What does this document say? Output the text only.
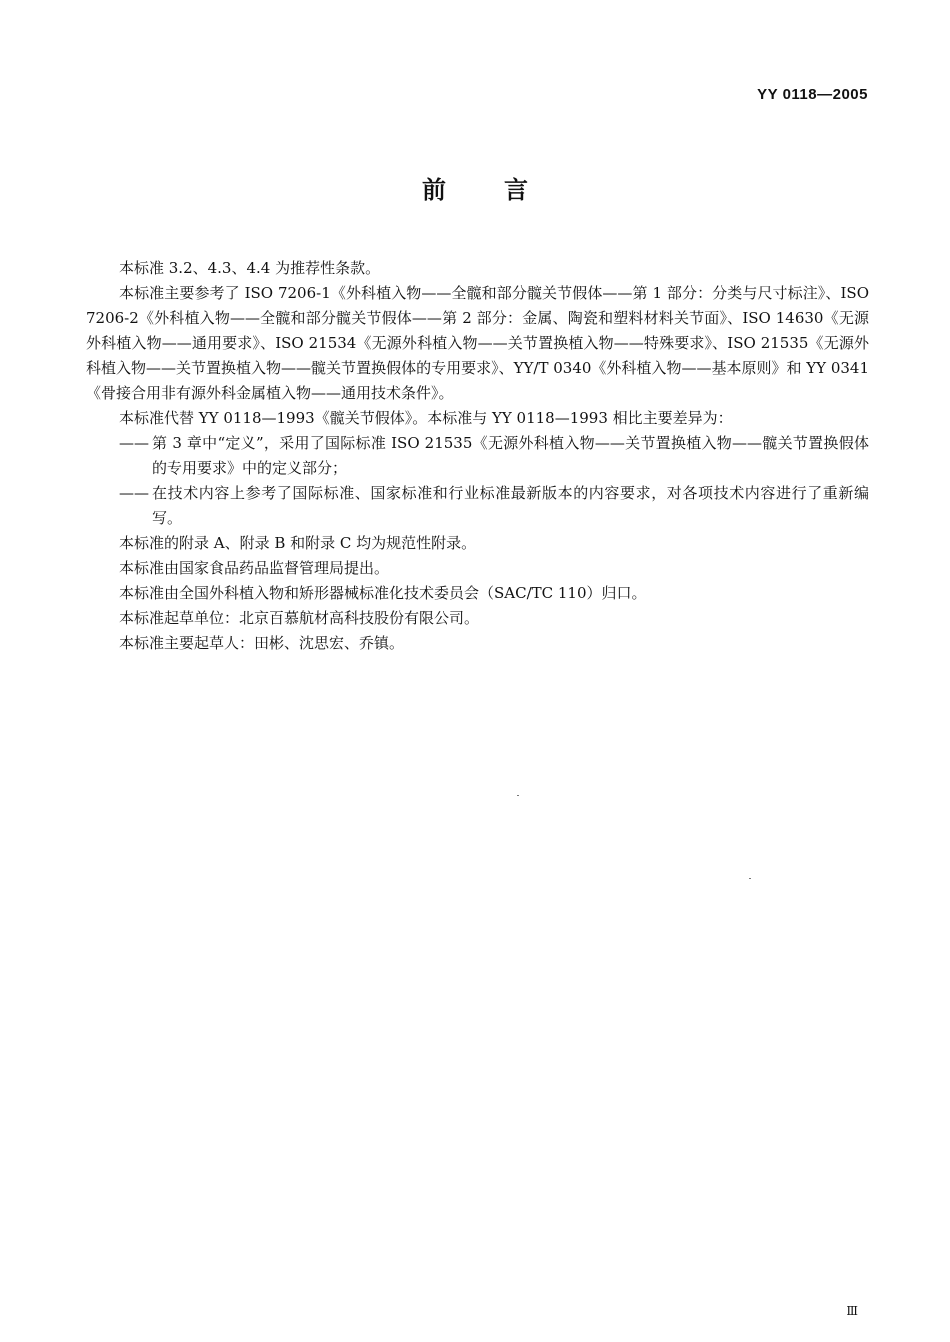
YY 0118—2005
前 言

本标准 3.2、4.3、4.4 为推荐性条款。

本标准主要参考了 ISO 7206-1《外科植入物——全髋和部分髋关节假体——第 1 部分：分类与尺寸标注》、ISO 7206-2《外科植入物——全髋和部分髋关节假体——第 2 部分：金属、陶瓷和塑料材料关节面》、ISO 14630《无源外科植入物——通用要求》、ISO 21534《无源外科植入物——关节置换植入物——特殊要求》、ISO 21535《无源外科植入物——关节置换植入物——髋关节置换假体的专用要求》、YY/T 0340《外科植入物——基本原则》和 YY 0341《骨接合用非有源外科金属植入物——通用技术条件》。

本标准代替 YY 0118—1993《髋关节假体》。本标准与 YY 0118—1993 相比主要差异为：

—— 第 3 章中“定义”，采用了国际标准 ISO 21535《无源外科植入物——关节置换植入物——髋关节置换假体的专用要求》中的定义部分；

—— 在技术内容上参考了国际标准、国家标准和行业标准最新版本的内容要求，对各项技术内容进行了重新编写。

本标准的附录 A、附录 B 和附录 C 均为规范性附录。

本标准由国家食品药品监督管理局提出。

本标准由全国外科植入物和矫形器械标准化技术委员会（SAC/TC 110）归口。

本标准起草单位：北京百慕航材高科技股份有限公司。

本标准主要起草人：田彬、沈思宏、乔镇。

Ⅲ
